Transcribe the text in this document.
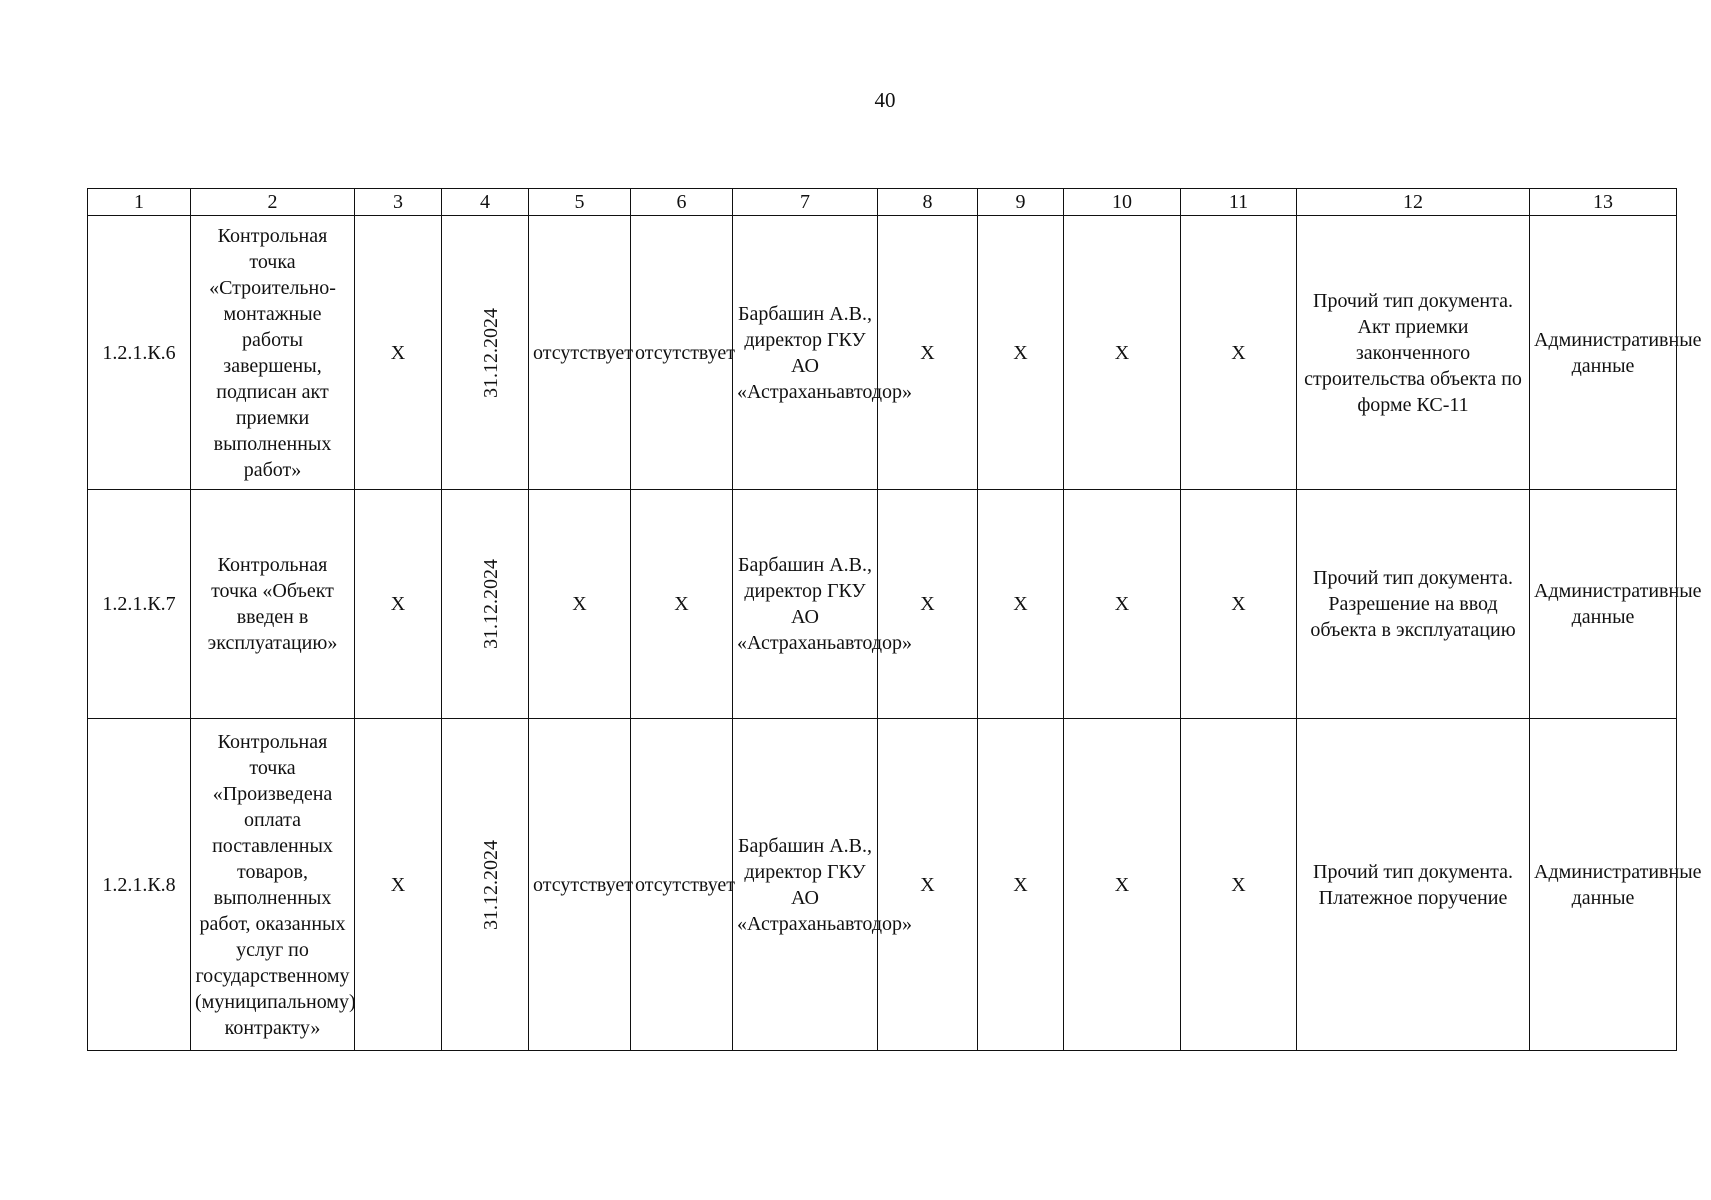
40
1	2	3	4	5	6	7	8	9	10	11	12	13
1.2.1.К.6	Контрольная точка «Строительно-монтажные работы завершены, подписан акт приемки выполненных работ»	X	31.12.2024	отсутствует	отсутствует	Барбашин А.В., директор ГКУ АО «Астраханьавтодор»	X	X	X	X	Прочий тип документа. Акт приемки законченного строительства объекта по форме КС-11	Административные данные
1.2.1.К.7	Контрольная точка «Объект введен в эксплуатацию»	X	31.12.2024	X	X	Барбашин А.В., директор ГКУ АО «Астраханьавтодор»	X	X	X	X	Прочий тип документа. Разрешение на ввод объекта в эксплуатацию	Административные данные
1.2.1.К.8	Контрольная точка «Произведена оплата поставленных товаров, выполненных работ, оказанных услуг по государственному (муниципальному) контракту»	X	31.12.2024	отсутствует	отсутствует	Барбашин А.В., директор ГКУ АО «Астраханьавтодор»	X	X	X	X	Прочий тип документа. Платежное поручение	Административные данные
